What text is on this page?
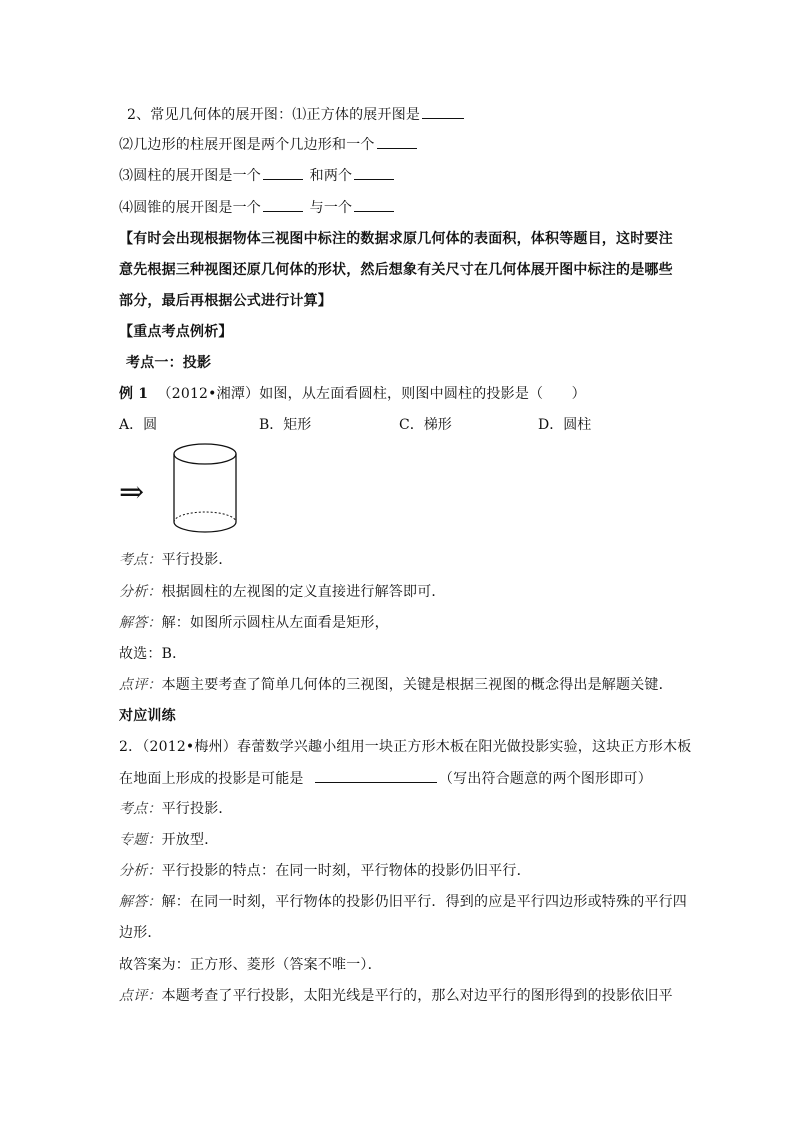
2、常见几何体的展开图：⑴正方体的展开图是
⑵几边形的柱展开图是两个几边形和一个
⑶圆柱的展开图是一个	和两个
⑷圆锥的展开图是一个	与一个
【有时会出现根据物体三视图中标注的数据求原几何体的表面积，体积等题目，这时要注
意先根据三种视图还原几何体的形状，然后想象有关尺寸在几何体展开图中标注的是哪些
部分，最后再根据公式进行计算】
【重点考点例析】
考点一：投影
例 1 （2012•湘潭）如图，从左面看圆柱，则图中圆柱的投影是（　　）
A．圆	B．矩形	C．梯形	D．圆柱
⇒
考点：平行投影．
分析：根据圆柱的左视图的定义直接进行解答即可．
解答：解：如图所示圆柱从左面看是矩形，
故选：B．
点评：本题主要考查了简单几何体的三视图，关键是根据三视图的概念得出是解题关键．
对应训练
2．（2012•梅州）春蕾数学兴趣小组用一块正方形木板在阳光做投影实验，这块正方形木板
在地面上形成的投影是可能是	（写出符合题意的两个图形即可）
考点：平行投影．
专题：开放型．
分析：平行投影的特点：在同一时刻，平行物体的投影仍旧平行．
解答：解：在同一时刻，平行物体的投影仍旧平行．得到的应是平行四边形或特殊的平行四
边形．
故答案为：正方形、菱形（答案不唯一）．
点评：本题考查了平行投影，太阳光线是平行的，那么对边平行的图形得到的投影依旧平
